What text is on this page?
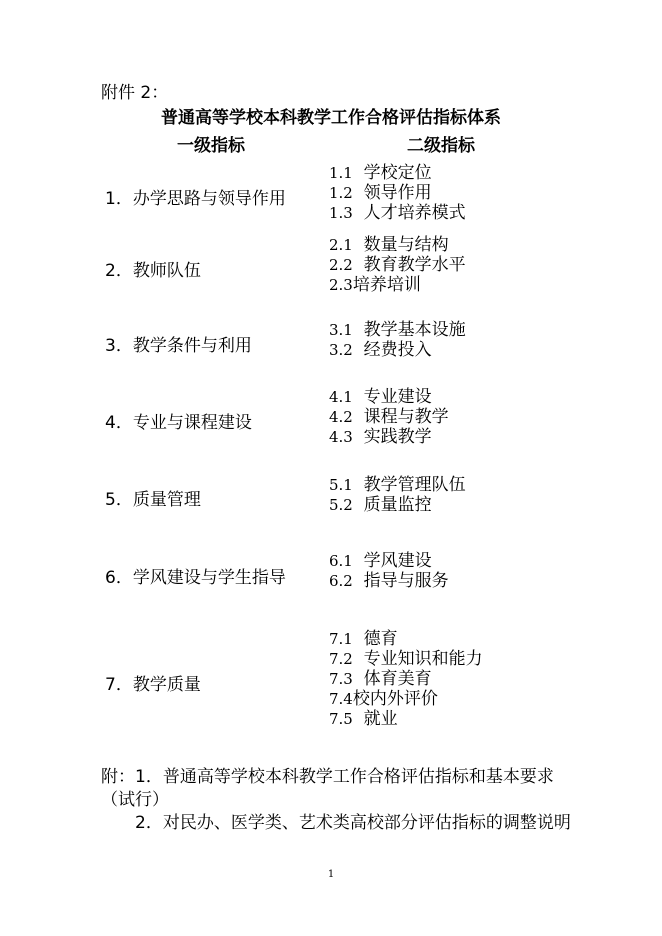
附件 2：
普通高等学校本科教学工作合格评估指标体系
一级指标	二级指标
1．办学思路与领导作用
1.1 学校定位
1.2 领导作用
1.3 人才培养模式
2．教师队伍
2.1 数量与结构
2.2 教育教学水平
2.3培养培训
3．教学条件与利用
3.1 教学基本设施
3.2 经费投入
4．专业与课程建设
4.1 专业建设
4.2 课程与教学
4.3 实践教学
5．质量管理
5.1 教学管理队伍
5.2 质量监控
6．学风建设与学生指导
6.1 学风建设
6.2 指导与服务
7．教学质量
7.1 德育
7.2 专业知识和能力
7.3 体育美育
7.4校内外评价
7.5 就业

附：1．普通高等学校本科教学工作合格评估指标和基本要求（试行）

2．对民办、医学类、艺术类高校部分评估指标的调整说明

1
